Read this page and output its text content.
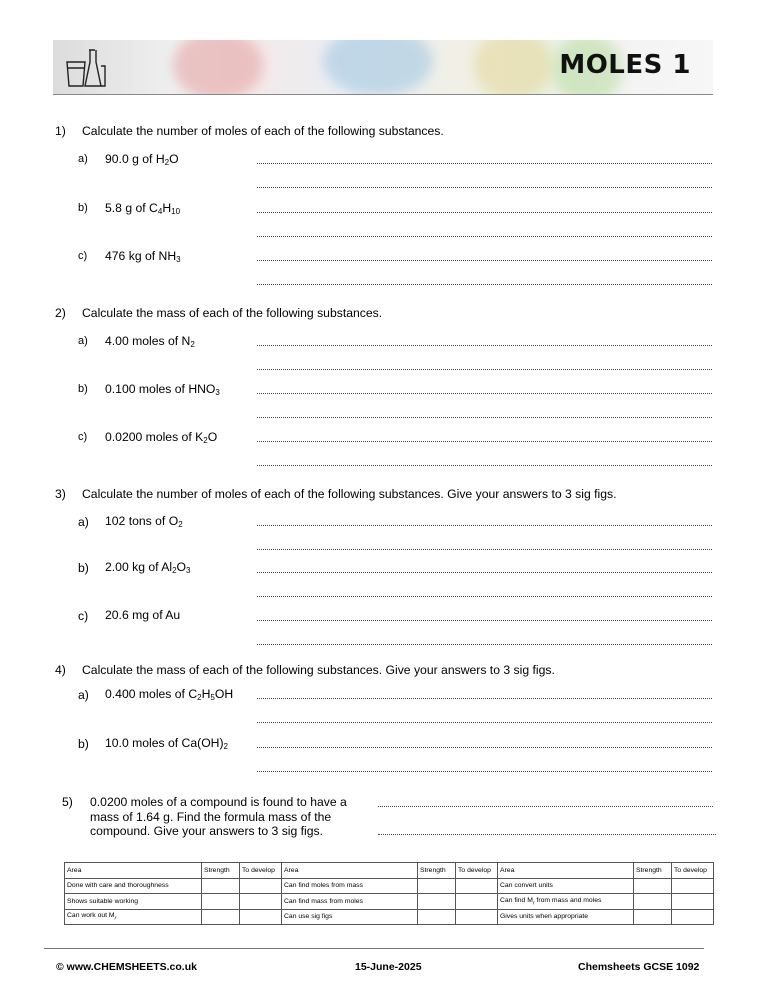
MOLES 1
1) Calculate the number of moles of each of the following substances.
a) 90.0 g of H2O
b) 5.8 g of C4H10
c) 476 kg of NH3
2) Calculate the mass of each of the following substances.
a) 4.00 moles of N2
b) 0.100 moles of HNO3
c) 0.0200 moles of K2O
3) Calculate the number of moles of each of the following substances. Give your answers to 3 sig figs.
a) 102 tons of O2
b) 2.00 kg of Al2O3
c) 20.6 mg of Au
4) Calculate the mass of each of the following substances. Give your answers to 3 sig figs.
a) 0.400 moles of C2H5OH
b) 10.0 moles of Ca(OH)2
5) 0.0200 moles of a compound is found to have a mass of 1.64 g. Find the formula mass of the compound. Give your answers to 3 sig figs.
Area	Strength	To develop	Area	Strength	To develop	Area	Strength	To develop
Done with care and thoroughness			Can find moles from mass			Can convert units		
Shows suitable working			Can find mass from moles			Can find $M_r$ from mass and moles		
Can work out $M_r$			Can use sig figs			Gives units when appropriate		
© www.CHEMSHEETS.co.uk	15-June-2025	Chemsheets GCSE 1092
